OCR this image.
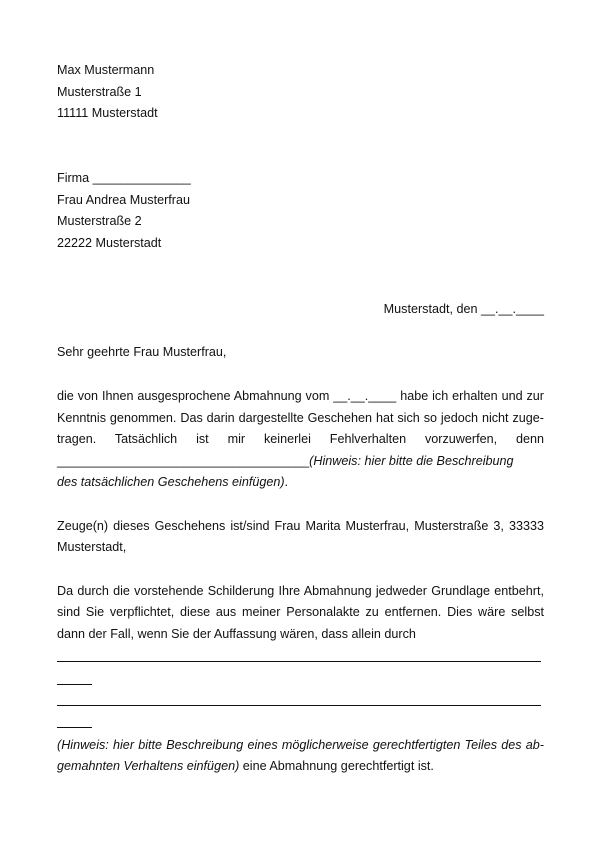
Max Mustermann
Musterstraße 1
11111 Musterstadt
Firma ______________
Frau Andrea Musterfrau
Musterstraße 2
22222 Musterstadt
Musterstadt, den __.__.____
Sehr geehrte Frau Musterfrau,
die von Ihnen ausgesprochene Abmahnung vom __.__.____ habe ich erhalten und zur
Kenntnis genommen. Das darin dargestellte Geschehen hat sich so jedoch nicht zuge-
tragen. Tatsächlich ist mir keinerlei Fehlverhalten vorzuwerfen, denn
____________________________________(Hinweis: hier bitte die Beschreibung
des tatsächlichen Geschehens einfügen).
Zeuge(n) dieses Geschehens ist/sind Frau Marita Musterfrau, Musterstraße 3, 33333
Musterstadt,
Da durch die vorstehende Schilderung Ihre Abmahnung jedweder Grundlage entbehrt,
sind Sie verpflichtet, diese aus meiner Personalakte zu entfernen. Dies wäre selbst
dann der Fall, wenn Sie der Auffassung wären, dass allein durch
(Hinweis: hier bitte Beschreibung eines möglicherweise gerechtfertigten Teiles des ab-
gemahnten Verhaltens einfügen) eine Abmahnung gerechtfertigt ist.
